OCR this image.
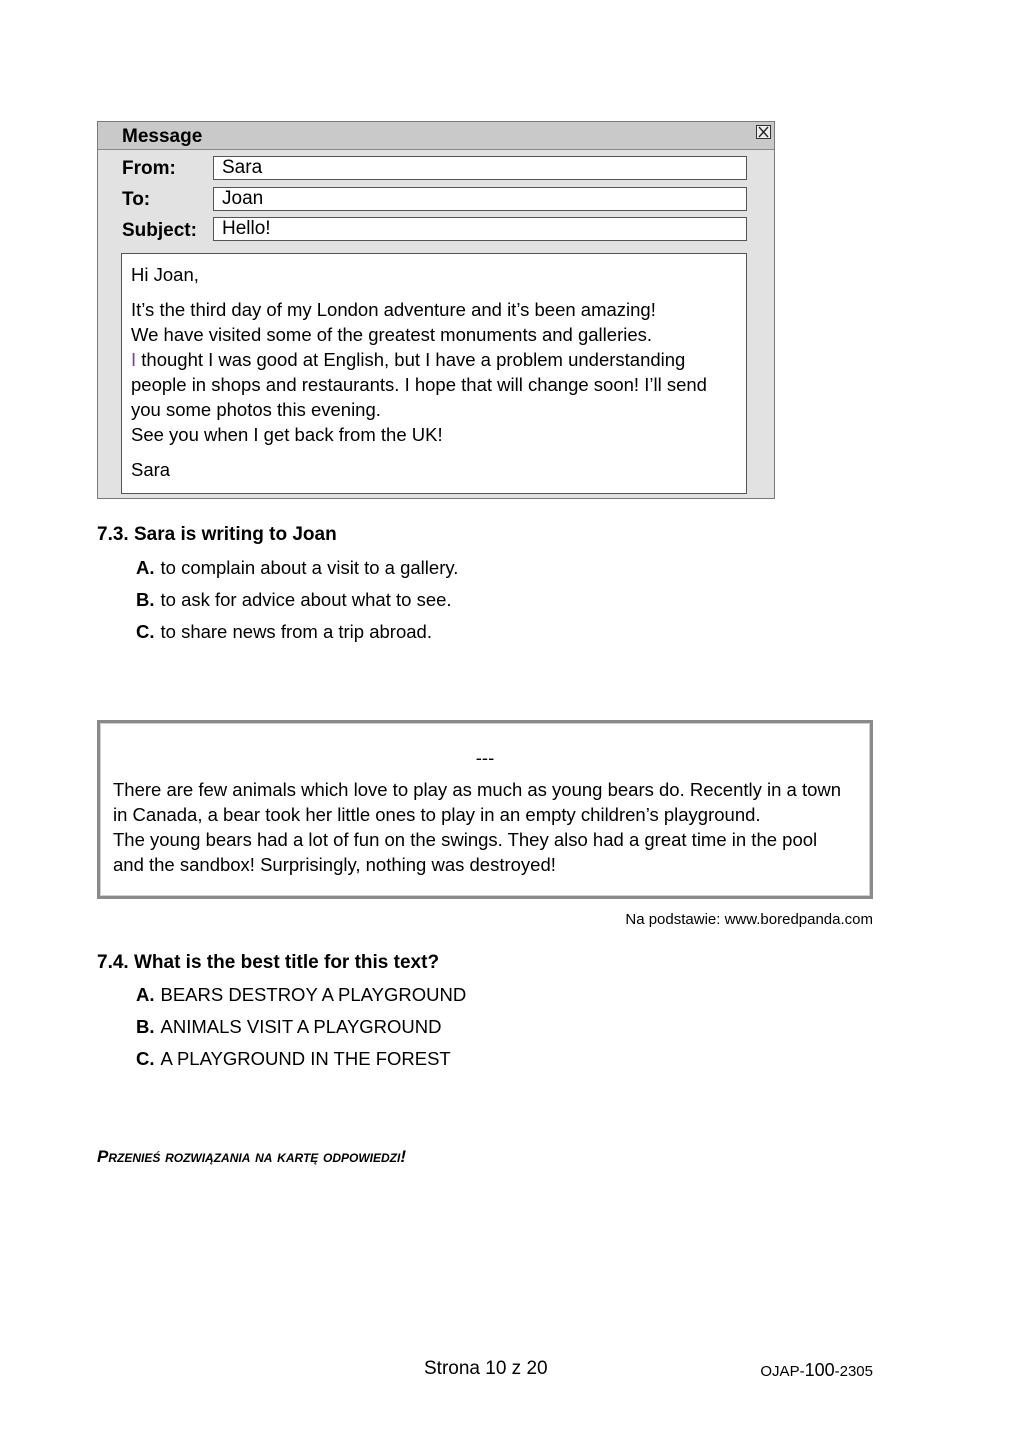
Message
From:	Sara
To:	Joan
Subject:	Hello!

Hi Joan,

It’s the third day of my London adventure and it’s been amazing!

We have visited some of the greatest monuments and galleries.

I thought I was good at English, but I have a problem understanding

people in shops and restaurants. I hope that will change soon! I’ll send

you some photos this evening.

See you when I get back from the UK!

Sara

7.3. Sara is writing to Joan
A. to complain about a visit to a gallery.
B. to ask for advice about what to see.
C. to share news from a trip abroad.
---

There are few animals which love to play as much as young bears do. Recently in a town

in Canada, a bear took her little ones to play in an empty children’s playground.

The young bears had a lot of fun on the swings. They also had a great time in the pool

and the sandbox! Surprisingly, nothing was destroyed!

Na podstawie: www.boredpanda.com
7.4. What is the best title for this text?
A. BEARS DESTROY A PLAYGROUND
B. ANIMALS VISIT A PLAYGROUND
C. A PLAYGROUND IN THE FOREST
Przenieś rozwiązania na kartę odpowiedzi!
Strona 10 z 20	OJAP-100-2305
